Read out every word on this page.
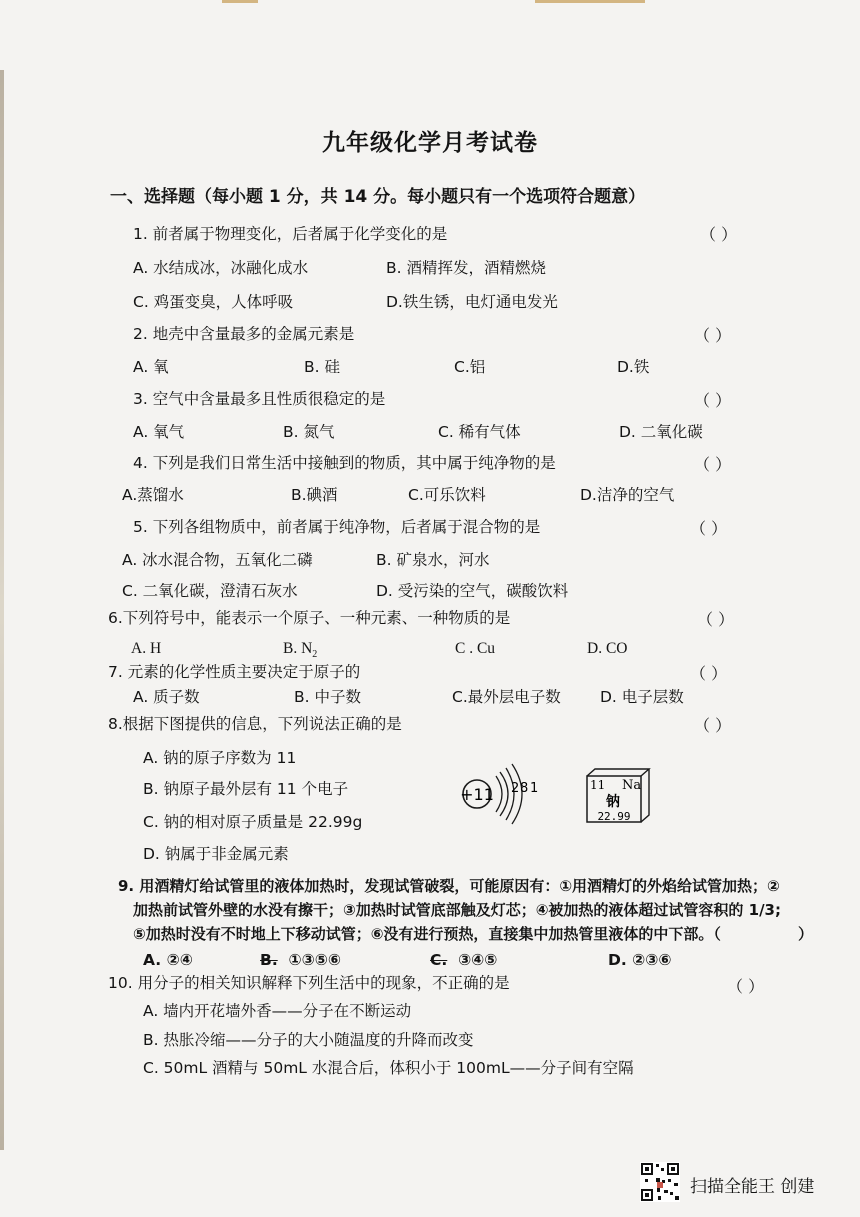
九年级化学月考试卷
一、选择题（每小题 1 分，共 14 分。每小题只有一个选项符合题意）
1. 前者属于物理变化，后者属于化学变化的是	（ ）
A. 水结成冰，冰融化成水	B. 酒精挥发，酒精燃烧
C. 鸡蛋变臭，人体呼吸	D.铁生锈，电灯通电发光
2. 地壳中含量最多的金属元素是	（ ）
A. 氧	B. 硅	C.铝	D.铁
3. 空气中含量最多且性质很稳定的是	（ ）
A. 氧气	B. 氮气	C. 稀有气体	D. 二氧化碳
4. 下列是我们日常生活中接触到的物质，其中属于纯净物的是	（ ）
A.蒸馏水	B.碘酒	C.可乐饮料	D.洁净的空气
5. 下列各组物质中，前者属于纯净物，后者属于混合物的是	（ ）
A. 冰水混合物，五氧化二磷	B. 矿泉水，河水
C. 二氧化碳，澄清石灰水	D. 受污染的空气，碳酸饮料
6.下列符号中，能表示一个原子、一种元素、一种物质的是	（ ）
A. H	B. $N_2$	C . Cu	D. CO
7. 元素的化学性质主要决定于原子的	（ ）
A. 质子数	B. 中子数	C.最外层电子数	D. 电子层数
8.根据下图提供的信息，下列说法正确的是	（ ）
A. 钠的原子序数为 11
B. 钠原子最外层有 11 个电子
C. 钠的相对原子质量是 22.99g
D. 钠属于非金属元素
+11 2 8 1	11 Na
钠
22.99
9. 用酒精灯给试管里的液体加热时，发现试管破裂，可能原因有：①用酒精灯的外焰给试管加热；②
加热前试管外壁的水没有擦干；③加热时试管底部触及灯芯；④被加热的液体超过试管容积的 1/3;
⑤加热时没有不时地上下移动试管；⑥没有进行预热，直接集中加热管里液体的中下部。（	）
A. ②④	B. ①③⑤⑥	C. ③④⑤	D. ②③⑥
10. 用分子的相关知识解释下列生活中的现象，不正确的是	（ ）
A. 墙内开花墙外香——分子在不断运动
B. 热胀冷缩——分子的大小随温度的升降而改变
C. 50mL 酒精与 50mL 水混合后，体积小于 100mL——分子间有空隔
扫描全能王 创建
